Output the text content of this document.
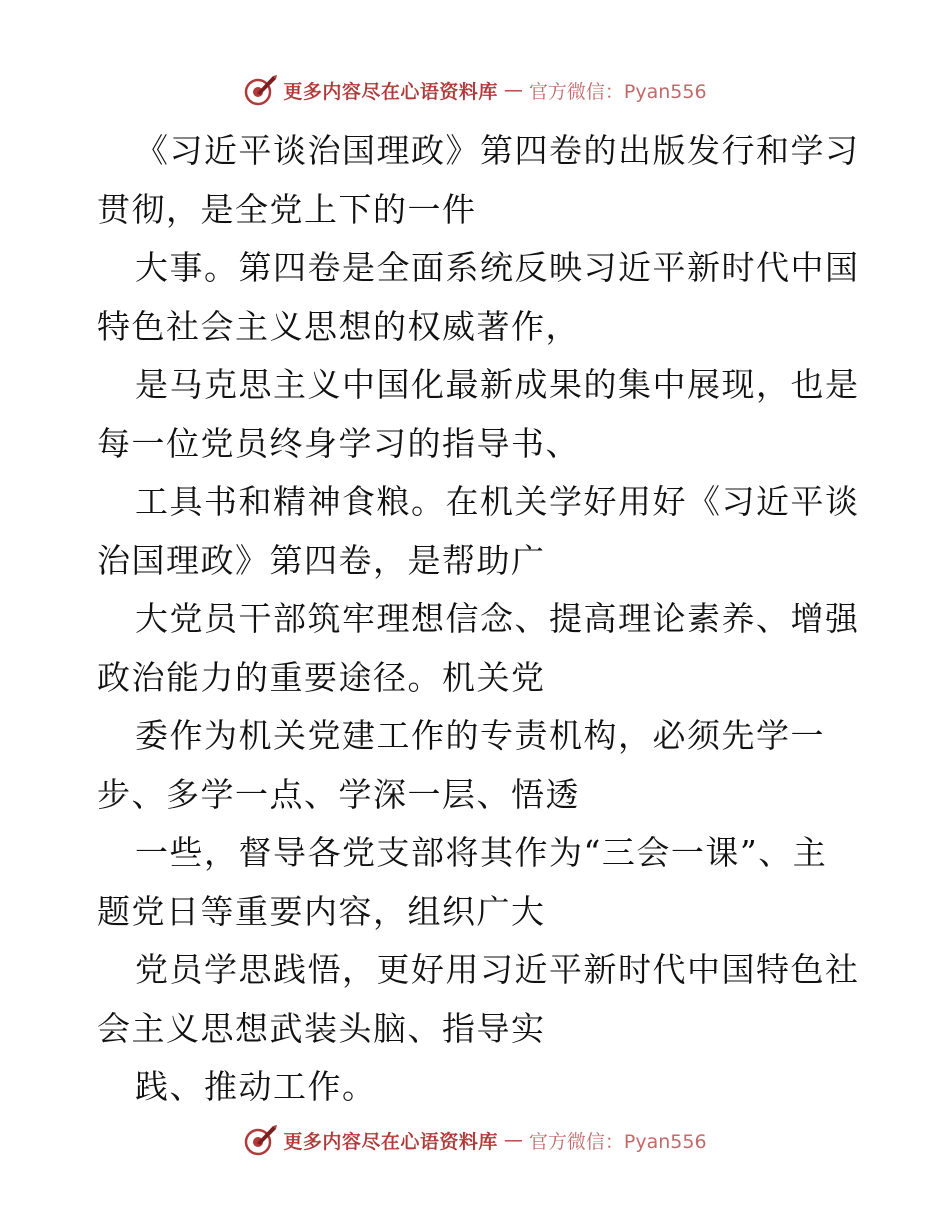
更多内容尽在心语资料库 — 官方微信：Pyan556
《习近平谈治国理政》第四卷的出版发行和学习
贯彻，是全党上下的一件
大事。第四卷是全面系统反映习近平新时代中国
特色社会主义思想的权威著作，
是马克思主义中国化最新成果的集中展现，也是
每一位党员终身学习的指导书、
工具书和精神食粮。在机关学好用好《习近平谈
治国理政》第四卷，是帮助广
大党员干部筑牢理想信念、提高理论素养、增强
政治能力的重要途径。机关党
委作为机关党建工作的专责机构，必须先学一
步、多学一点、学深一层、悟透
一些，督导各党支部将其作为“三会一课”、主
题党日等重要内容，组织广大
党员学思践悟，更好用习近平新时代中国特色社
会主义思想武装头脑、指导实
践、推动工作。
更多内容尽在心语资料库 — 官方微信：Pyan556
